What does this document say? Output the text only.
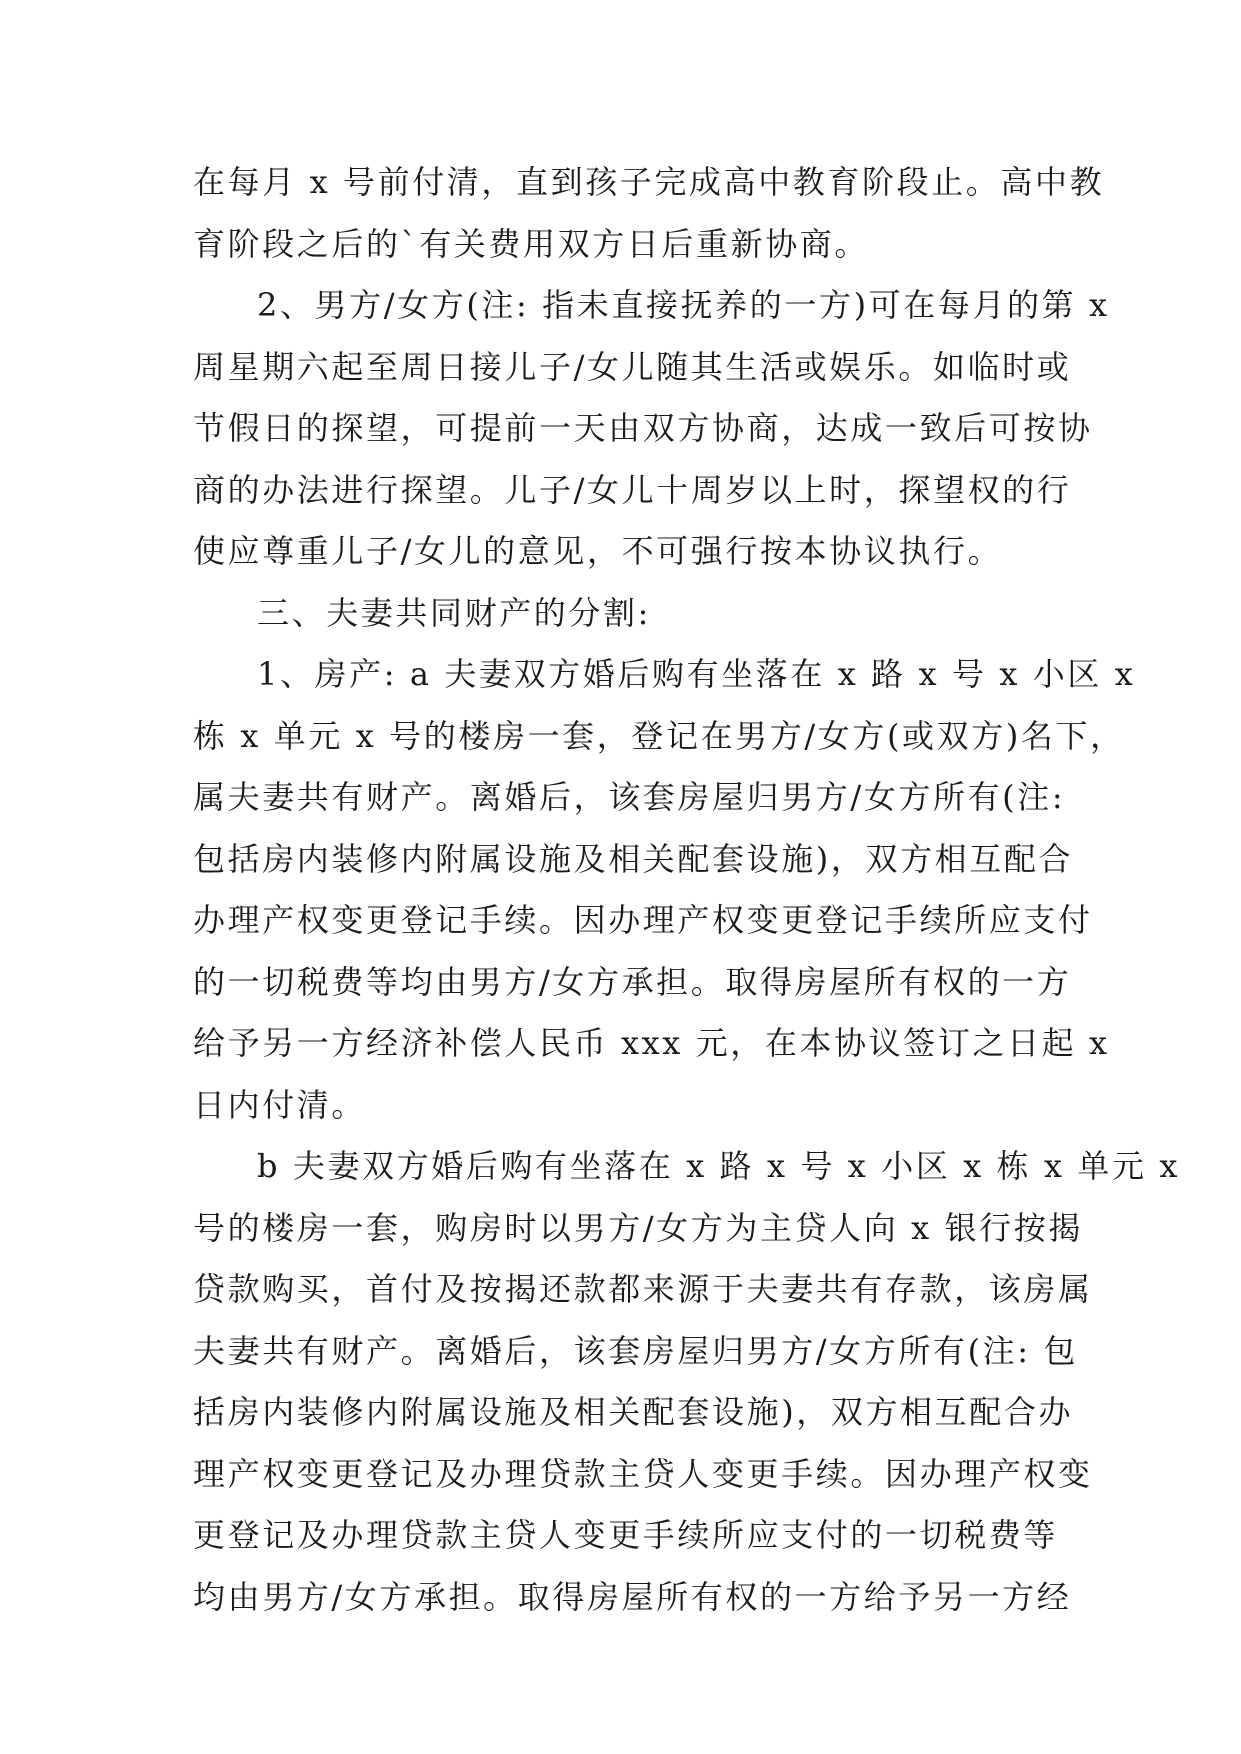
在每月 x 号前付清，直到孩子完成高中教育阶段止。高中教
育阶段之后的`有关费用双方日后重新协商。
2、男方/女方(注: 指未直接抚养的一方)可在每月的第 x
周星期六起至周日接儿子/女儿随其生活或娱乐。如临时或
节假日的探望，可提前一天由双方协商，达成一致后可按协
商的办法进行探望。儿子/女儿十周岁以上时，探望权的行
使应尊重儿子/女儿的意见，不可强行按本协议执行。
三、夫妻共同财产的分割:
1、房产: a 夫妻双方婚后购有坐落在 x 路 x 号 x 小区 x
栋 x 单元 x 号的楼房一套，登记在男方/女方(或双方)名下，
属夫妻共有财产。离婚后，该套房屋归男方/女方所有(注:
包括房内装修内附属设施及相关配套设施)，双方相互配合
办理产权变更登记手续。因办理产权变更登记手续所应支付
的一切税费等均由男方/女方承担。取得房屋所有权的一方
给予另一方经济补偿人民币 xxx 元，在本协议签订之日起 x
日内付清。
b 夫妻双方婚后购有坐落在 x 路 x 号 x 小区 x 栋 x 单元 x
号的楼房一套，购房时以男方/女方为主贷人向 x 银行按揭
贷款购买，首付及按揭还款都来源于夫妻共有存款，该房属
夫妻共有财产。离婚后，该套房屋归男方/女方所有(注: 包
括房内装修内附属设施及相关配套设施)，双方相互配合办
理产权变更登记及办理贷款主贷人变更手续。因办理产权变
更登记及办理贷款主贷人变更手续所应支付的一切税费等
均由男方/女方承担。取得房屋所有权的一方给予另一方经
